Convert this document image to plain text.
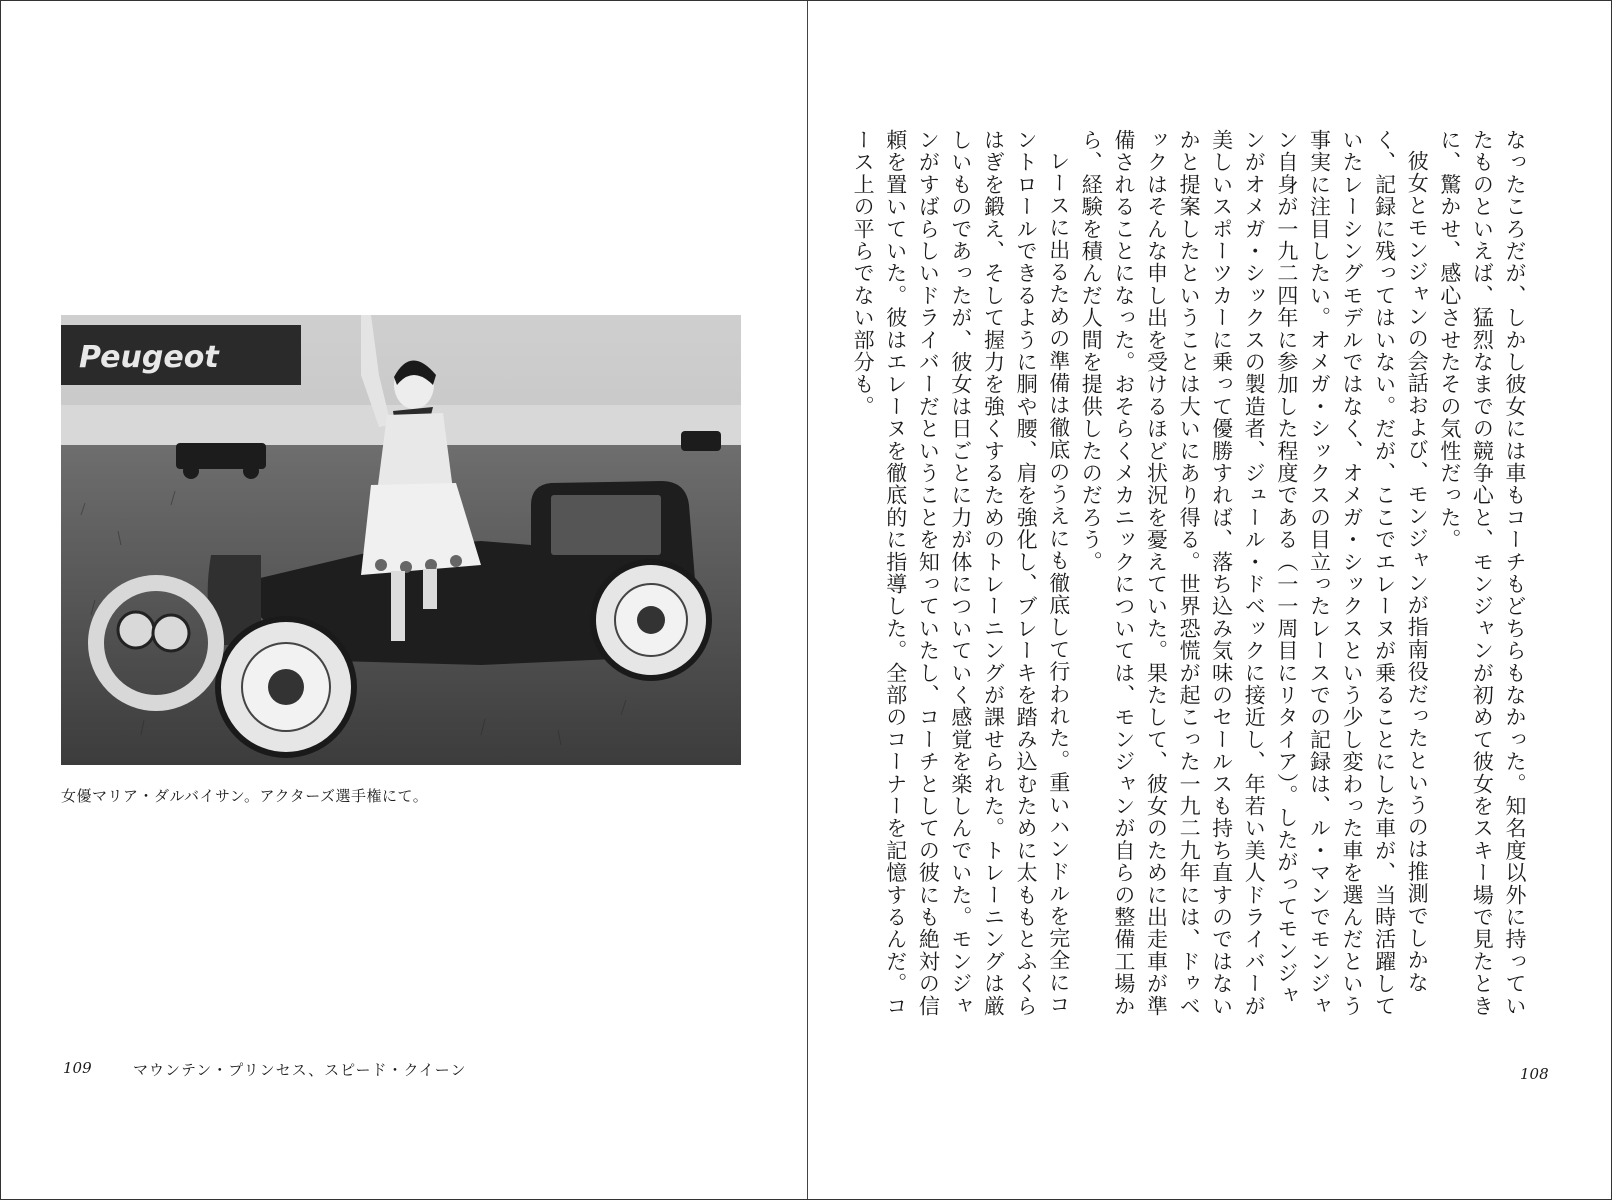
Peugeot
女優マリア・ダルバイサン。アクターズ選手権にて。
109	マウンテン・プリンセス、スピード・クイーン

なったころだが、しかし彼女には車もコーチもどちらもなかった。知名度以外に持っていたものといえば、猛烈なまでの競争心と、モンジャンが初めて彼女をスキー場で見たときに、驚かせ、感心させたその気性だった。

彼女とモンジャンの会話および、モンジャンが指南役だったというのは推測でしかなく、記録に残ってはいない。だが、ここでエレーヌが乗ることにした車が、当時活躍していたレーシングモデルではなく、オメガ・シックスという少し変わった車を選んだという事実に注目したい。オメガ・シックスの目立ったレースでの記録は、ル・マンでモンジャン自身が一九二四年に参加した程度である（一一周目にリタイア）。したがってモンジャンがオメガ・シックスの製造者、ジュール・ドベックに接近し、年若い美人ドライバーが美しいスポーツカーに乗って優勝すれば、落ち込み気味のセールスも持ち直すのではないかと提案したということは大いにあり得る。世界恐慌が起こった一九二九年には、ドゥベックはそんな申し出を受けるほど状況を憂えていた。果たして、彼女のために出走車が準備されることになった。おそらくメカニックについては、モンジャンが自らの整備工場から、経験を積んだ人間を提供したのだろう。

レースに出るための準備は徹底のうえにも徹底して行われた。重いハンドルを完全にコントロールできるように胴や腰、肩を強化し、ブレーキを踏み込むために太ももとふくらはぎを鍛え、そして握力を強くするためのトレーニングが課せられた。トレーニングは厳しいものであったが、彼女は日ごとに力が体についていく感覚を楽しんでいた。モンジャンがすばらしいドライバーだということを知っていたし、コーチとしての彼にも絶対の信頼を置いていた。彼はエレーヌを徹底的に指導した。全部のコーナーを記憶するんだ。コース上の平らでない部分も。

108
